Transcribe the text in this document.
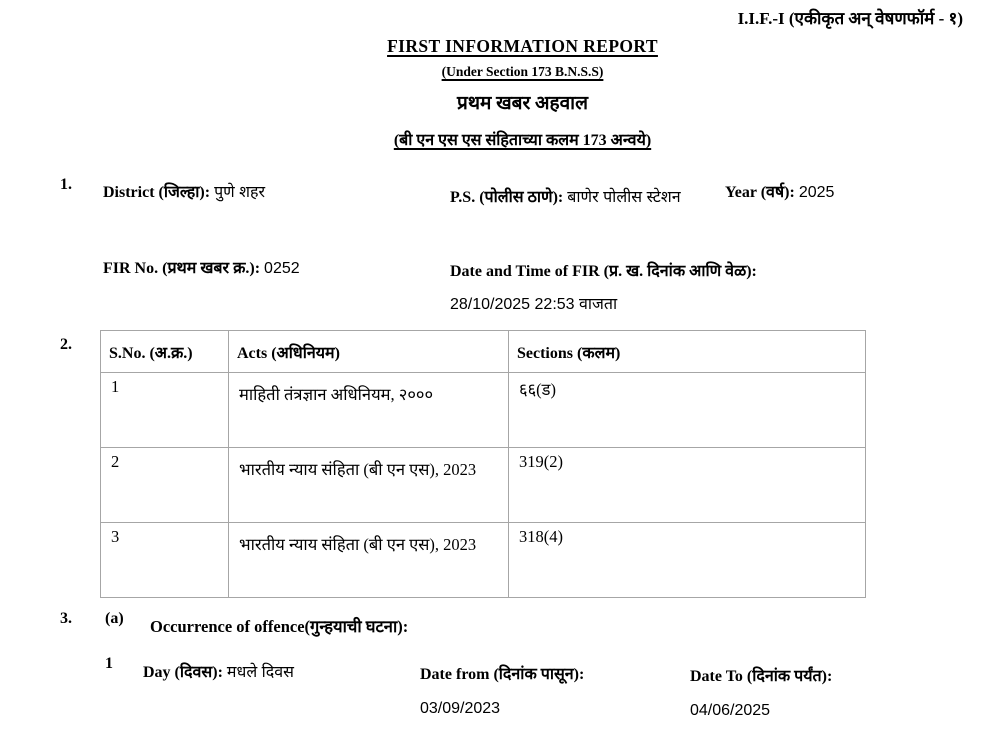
I.I.F.-I (एकीकृत अन् वेषणफॉर्म - १)
FIRST INFORMATION REPORT
(Under Section 173 B.N.S.S)
प्रथम खबर अहवाल
(बी एन एस एस संहिताच्या कलम 173 अन्वये)
1. District (जिल्हा): पुणे शहर	P.S. (पोलीस ठाणे): बाणेर पोलीस स्टेशन	Year (वर्ष): 2025
FIR No. (प्रथम खबर क्र.): 0252	Date and Time of FIR (प्र. ख. दिनांक आणि वेळ):
28/10/2025 22:53 वाजता
2. S.No. (अ.क्र.)	Acts (अधिनियम)	Sections (कलम)
1	माहिती तंत्रज्ञान अधिनियम, २०००	६६(ड)
2	भारतीय न्याय संहिता (बी एन एस), 2023	319(2)
3	भारतीय न्याय संहिता (बी एन एस), 2023	318(4)
3. (a) Occurrence of offence(गुन्हयाची घटना):
1
Day (दिवस): मधले दिवस	Date from (दिनांक पासून):
03/09/2023
Date To (दिनांक पर्यंत):
04/06/2025
